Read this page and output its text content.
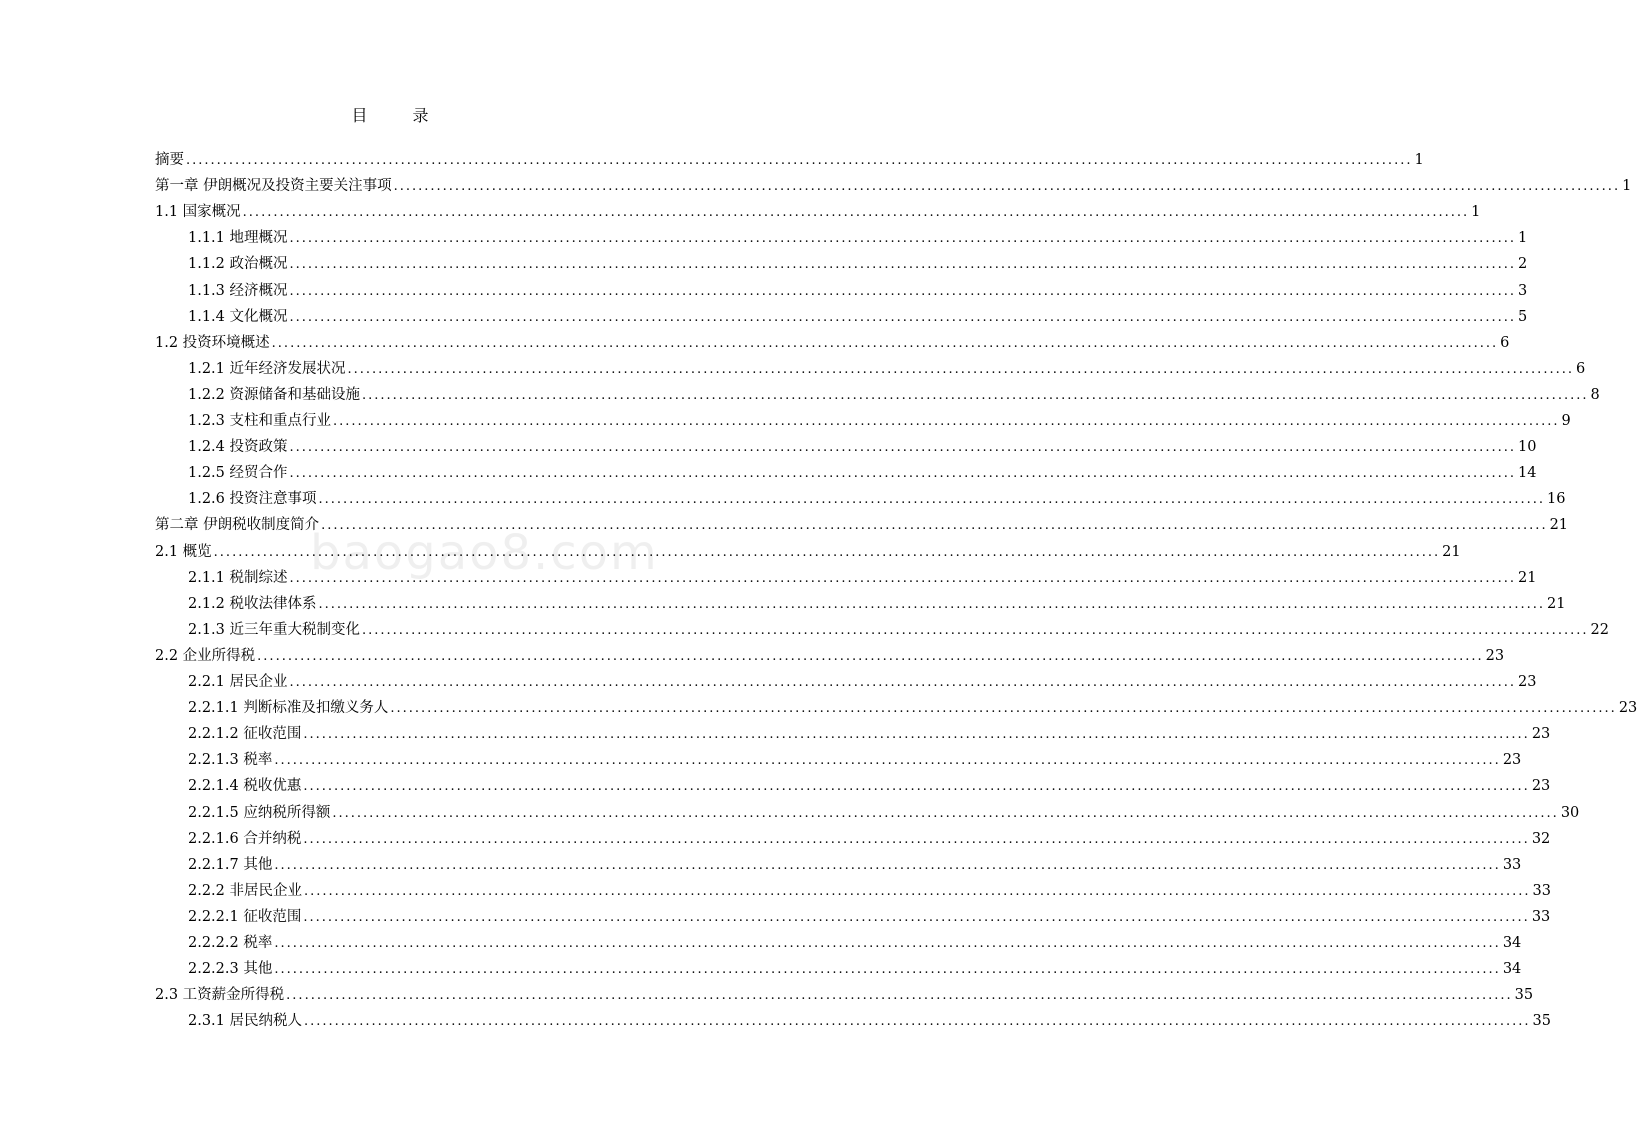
目 录
baogao8.com
摘要 ........................................................................................................................................................................................................ 1
第一章 伊朗概况及投资主要关注事项 ........................................................................................................................................................................................................ 1
1.1 国家概况 ........................................................................................................................................................................................................ 1
1.1.1 地理概况 ........................................................................................................................................................................................................ 1
1.1.2 政治概况 ........................................................................................................................................................................................................ 2
1.1.3 经济概况 ........................................................................................................................................................................................................ 3
1.1.4 文化概况 ........................................................................................................................................................................................................ 5
1.2 投资环境概述 ........................................................................................................................................................................................................ 6
1.2.1 近年经济发展状况 ........................................................................................................................................................................................................ 6
1.2.2 资源储备和基础设施 ........................................................................................................................................................................................................ 8
1.2.3 支柱和重点行业 ........................................................................................................................................................................................................ 9
1.2.4 投资政策 ........................................................................................................................................................................................................ 10
1.2.5 经贸合作 ........................................................................................................................................................................................................ 14
1.2.6 投资注意事项 ........................................................................................................................................................................................................ 16
第二章 伊朗税收制度简介 ........................................................................................................................................................................................................ 21
2.1 概览 ........................................................................................................................................................................................................ 21
2.1.1 税制综述 ........................................................................................................................................................................................................ 21
2.1.2 税收法律体系 ........................................................................................................................................................................................................ 21
2.1.3 近三年重大税制变化 ........................................................................................................................................................................................................ 22
2.2 企业所得税 ........................................................................................................................................................................................................ 23
2.2.1 居民企业 ........................................................................................................................................................................................................ 23
2.2.1.1 判断标准及扣缴义务人 ........................................................................................................................................................................................................ 23
2.2.1.2 征收范围 ........................................................................................................................................................................................................ 23
2.2.1.3 税率 ........................................................................................................................................................................................................ 23
2.2.1.4 税收优惠 ........................................................................................................................................................................................................ 23
2.2.1.5 应纳税所得额 ........................................................................................................................................................................................................ 30
2.2.1.6 合并纳税 ........................................................................................................................................................................................................ 32
2.2.1.7 其他 ........................................................................................................................................................................................................ 33
2.2.2 非居民企业 ........................................................................................................................................................................................................ 33
2.2.2.1 征收范围 ........................................................................................................................................................................................................ 33
2.2.2.2 税率 ........................................................................................................................................................................................................ 34
2.2.2.3 其他 ........................................................................................................................................................................................................ 34
2.3 工资薪金所得税 ........................................................................................................................................................................................................ 35
2.3.1 居民纳税人 ........................................................................................................................................................................................................ 35
